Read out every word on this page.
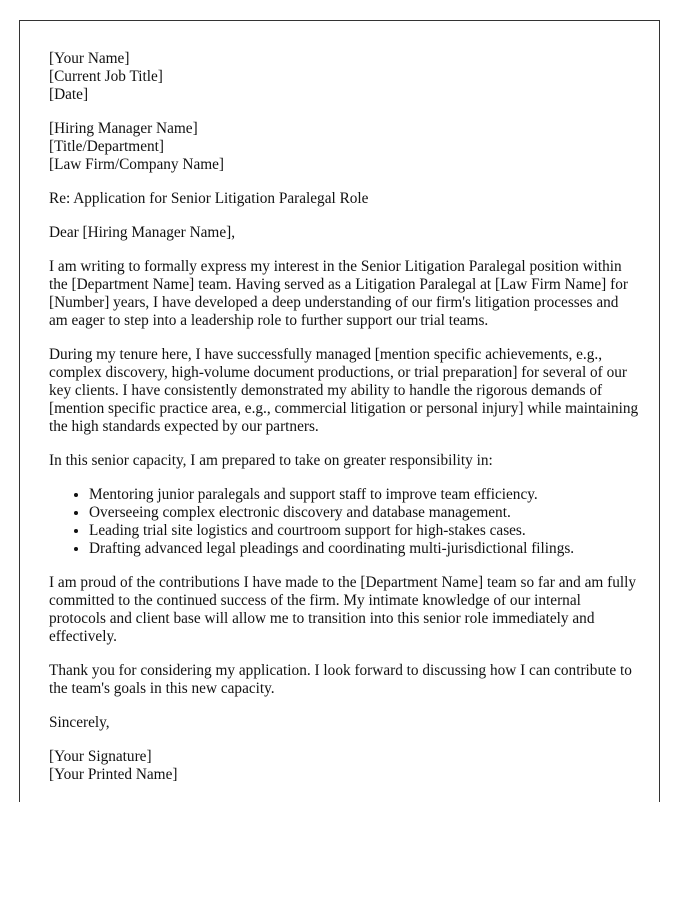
[Your Name]
[Current Job Title]
[Date]
[Hiring Manager Name]
[Title/Department]
[Law Firm/Company Name]

Re: Application for Senior Litigation Paralegal Role

Dear [Hiring Manager Name],

I am writing to formally express my interest in the Senior Litigation Paralegal position within the [Department Name] team. Having served as a Litigation Paralegal at [Law Firm Name] for [Number] years, I have developed a deep understanding of our firm's litigation processes and am eager to step into a leadership role to further support our trial teams.

During my tenure here, I have successfully managed [mention specific achievements, e.g., complex discovery, high-volume document productions, or trial preparation] for several of our key clients. I have consistently demonstrated my ability to handle the rigorous demands of [mention specific practice area, e.g., commercial litigation or personal injury] while maintaining the high standards expected by our partners.

In this senior capacity, I am prepared to take on greater responsibility in:

• Mentoring junior paralegals and support staff to improve team efficiency.
• Overseeing complex electronic discovery and database management.
• Leading trial site logistics and courtroom support for high-stakes cases.
• Drafting advanced legal pleadings and coordinating multi-jurisdictional filings.

I am proud of the contributions I have made to the [Department Name] team so far and am fully committed to the continued success of the firm. My intimate knowledge of our internal protocols and client base will allow me to transition into this senior role immediately and effectively.

Thank you for considering my application. I look forward to discussing how I can contribute to the team's goals in this new capacity.

Sincerely,

[Your Signature]
[Your Printed Name]
